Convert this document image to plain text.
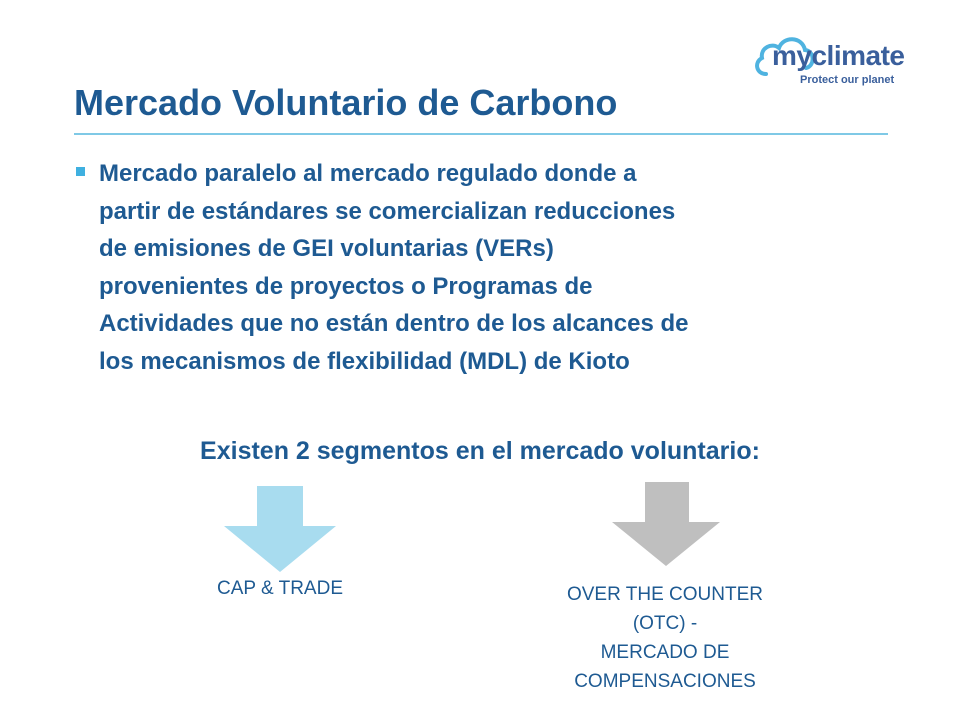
myclimate
Protect our planet
Mercado Voluntario de Carbono

Mercado paralelo al mercado regulado donde a
partir de estándares se comercializan reducciones
de emisiones de GEI voluntarias (VERs)
provenientes de proyectos o Programas de
Actividades que no están dentro de los alcances de
los mecanismos de flexibilidad (MDL) de Kioto

Existen 2 segmentos en el mercado voluntario:

CAP & TRADE	OVER THE COUNTER
(OTC) -
MERCADO DE
COMPENSACIONES
